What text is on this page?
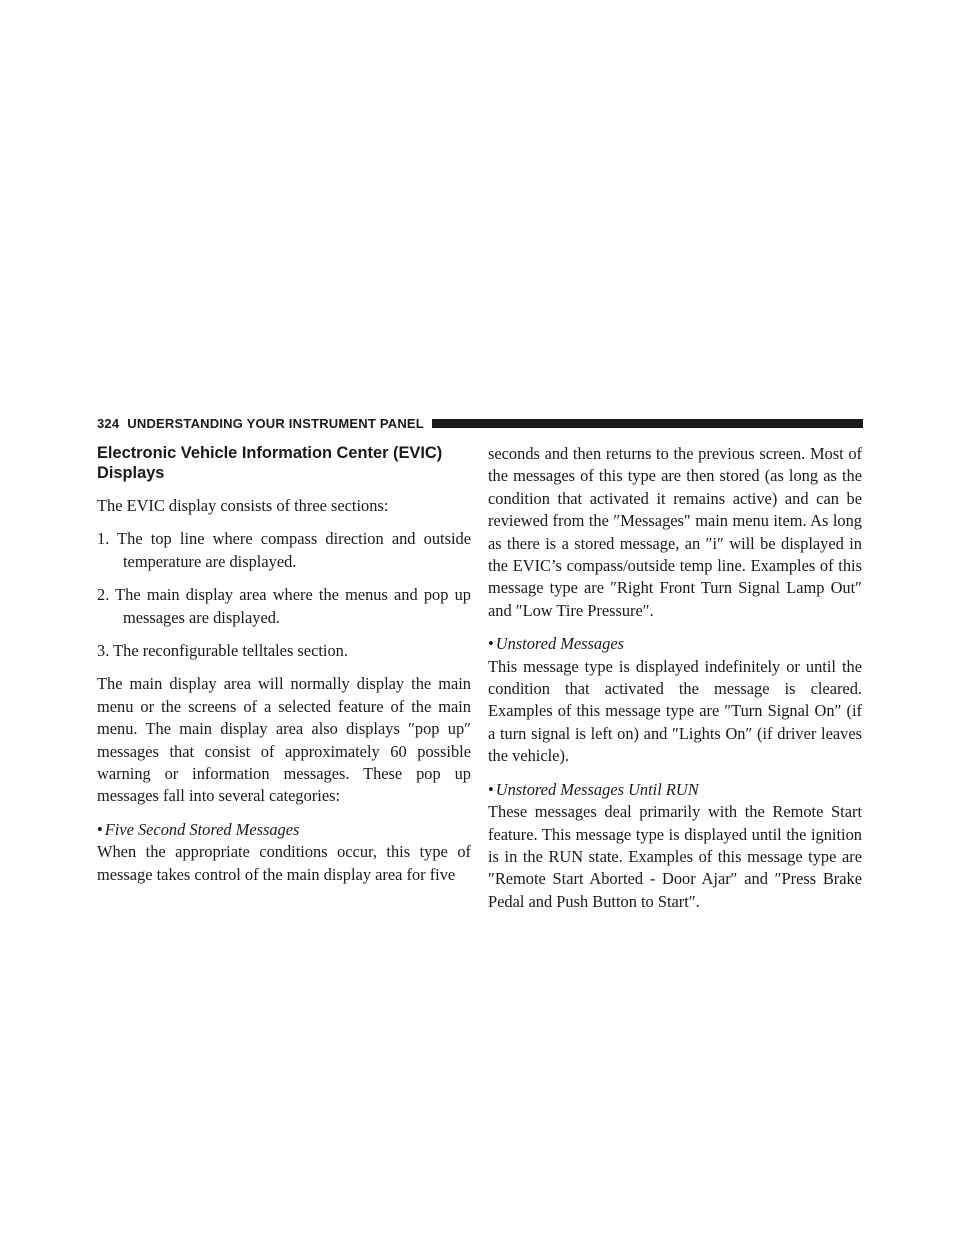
324 UNDERSTANDING YOUR INSTRUMENT PANEL
Electronic Vehicle Information Center (EVIC)
Displays

The EVIC display consists of three sections:

1. The top line where compass direction and outside temperature are displayed.
2. The main display area where the menus and pop up messages are displayed.
3. The reconfigurable telltales section.

The main display area will normally display the main menu or the screens of a selected feature of the main menu. The main display area also displays ″pop up″ messages that consist of approximately 60 possible warning or information messages. These pop up messages fall into several categories:

• Five Second Stored Messages

When the appropriate conditions occur, this type of message takes control of the main display area for five

seconds and then returns to the previous screen. Most of the messages of this type are then stored (as long as the condition that activated it remains active) and can be reviewed from the ″Messages″ main menu item. As long as there is a stored message, an ″i″ will be displayed in the EVIC’s compass/outside temp line. Examples of this message type are ″Right Front Turn Signal Lamp Out″ and ″Low Tire Pressure″.

• Unstored Messages

This message type is displayed indefinitely or until the condition that activated the message is cleared. Examples of this message type are ″Turn Signal On″ (if a turn signal is left on) and ″Lights On″ (if driver leaves the vehicle).

• Unstored Messages Until RUN

These messages deal primarily with the Remote Start feature. This message type is displayed until the ignition is in the RUN state. Examples of this message type are ″Remote Start Aborted - Door Ajar″ and ″Press Brake Pedal and Push Button to Start″.
